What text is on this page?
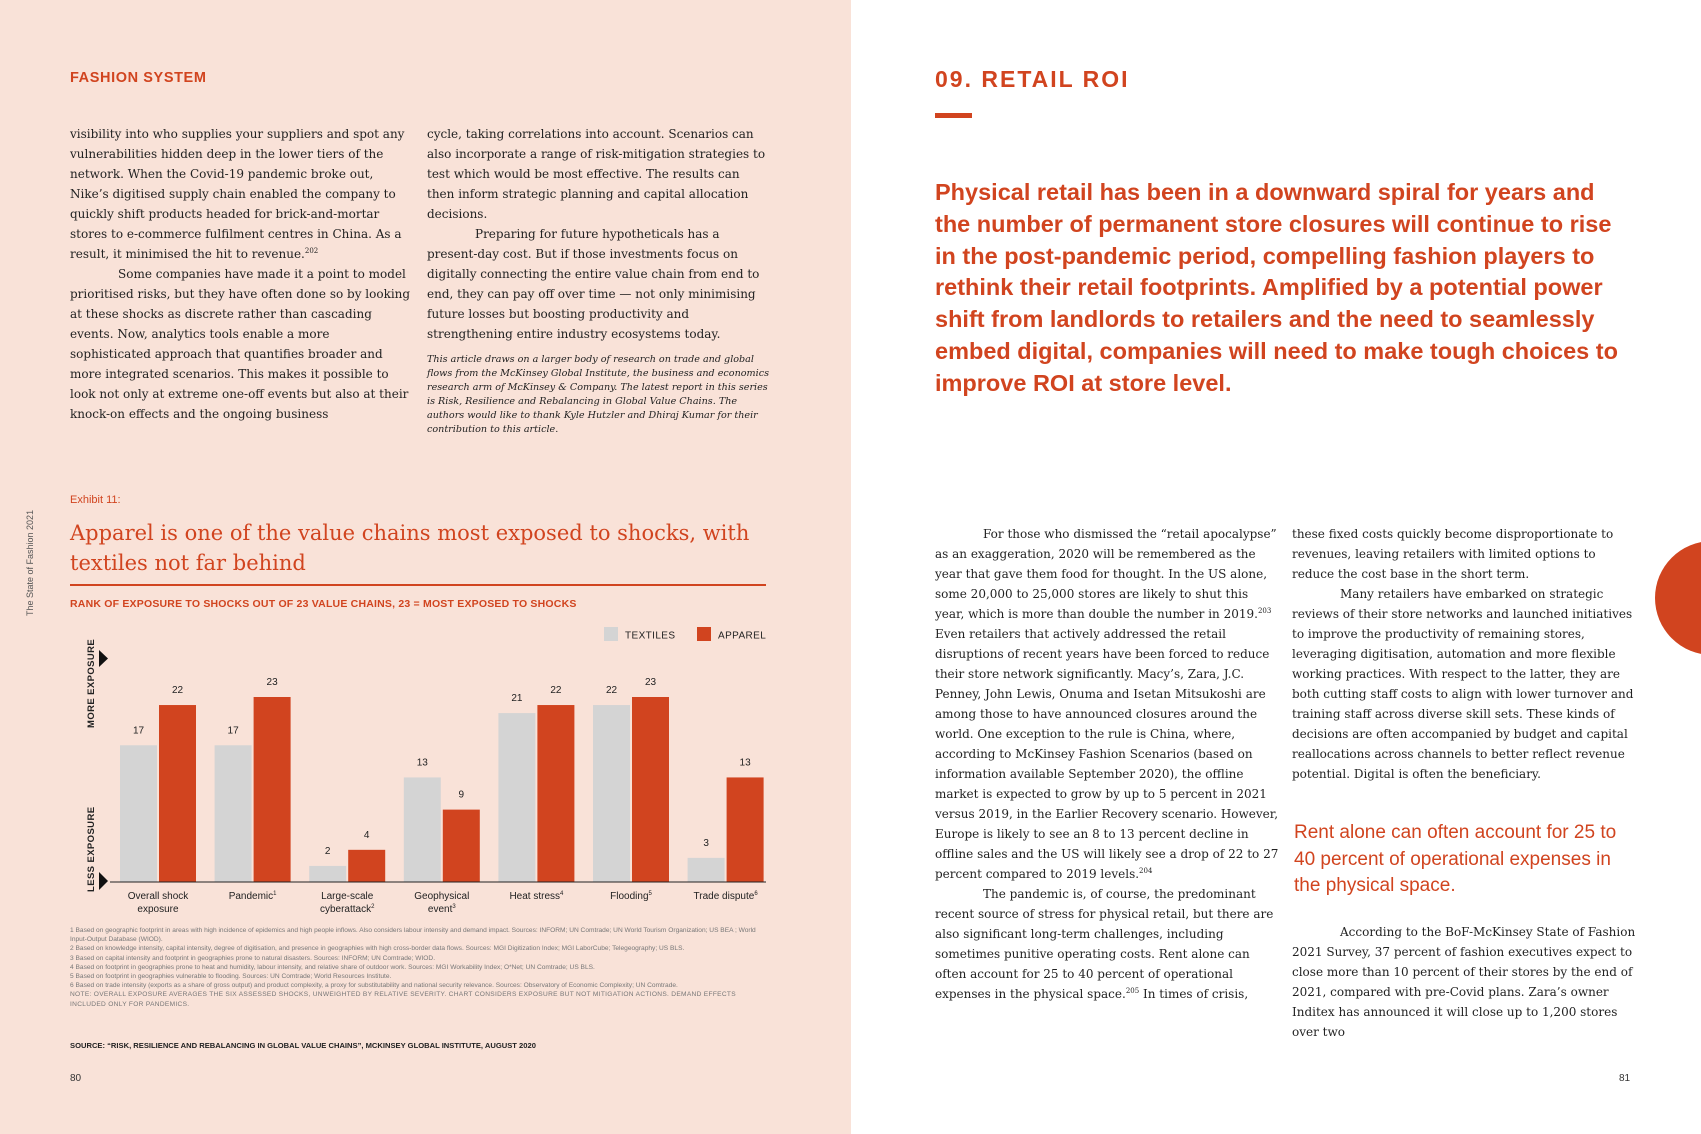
FASHION SYSTEM
The State of Fashion 2021

visibility into who supplies your suppliers and spot any vulnerabilities hidden deep in the lower tiers of the network. When the Covid-19 pandemic broke out, Nike’s digitised supply chain enabled the company to quickly shift products headed for brick-and-mortar stores to e-commerce fulfilment centres in China. As a result, it minimised the hit to revenue.$^{202}$

Some companies have made it a point to model prioritised risks, but they have often done so by looking at these shocks as discrete rather than cascading events. Now, analytics tools enable a more sophisticated approach that quantifies broader and more integrated scenarios. This makes it possible to look not only at extreme one-off events but also at their knock-on effects and the ongoing business

cycle, taking correlations into account. Scenarios can also incorporate a range of risk-mitigation strategies to test which would be most effective. The results can then inform strategic planning and capital allocation decisions.

Preparing for future hypotheticals has a present-day cost. But if those investments focus on digitally connecting the entire value chain from end to end, they can pay off over time — not only minimising future losses but boosting productivity and strengthening entire industry ecosystems today.

This article draws on a larger body of research on trade and global flows from the McKinsey Global Institute, the business and economics research arm of McKinsey & Company. The latest report in this series is Risk, Resilience and Rebalancing in Global Value Chains. The authors would like to thank Kyle Hutzler and Dhiraj Kumar for their contribution to this article.

Exhibit 11:
Apparel is one of the value chains most exposed to shocks, with textiles not far behind
RANK OF EXPOSURE TO SHOCKS OUT OF 23 VALUE CHAINS, 23 = MOST EXPOSED TO SHOCKS
TEXTILES	APPAREL
MORE EXPOSURE
LESS EXPOSURE
17
22
Overall shock
exposure
17
23
Pandemic$^1$
2
4
Large-scale
cyberattack$^2$
13
9
Geophysical
event$^3$
21
22
Heat stress$^4$
22
23
Flooding$^5$
3
13
Trade dispute$^6$
1 Based on geographic footprint in areas with high incidence of epidemics and high people inflows. Also considers labour intensity and demand impact. Sources: INFORM; UN Comtrade; UN World Tourism Organization; US BEA ; World Input-Output Database (WIOD).
2 Based on knowledge intensity, capital intensity, degree of digitisation, and presence in geographies with high cross-border data flows. Sources: MGI Digitization Index; MGI LaborCube; Telegeography; US BLS.
3 Based on capital intensity and footprint in geographies prone to natural disasters. Sources: INFORM; UN Comtrade; WIOD.
4 Based on footprint in geographies prone to heat and humidity, labour intensity, and relative share of outdoor work. Sources: MGI Workability Index; O*Net; UN Comtrade; US BLS.
5 Based on footprint in geographies vulnerable to flooding. Sources: UN Comtrade; World Resources Institute.
6 Based on trade intensity (exports as a share of gross output) and product complexity, a proxy for substitutability and national security relevance. Sources: Observatory of Economic Complexity; UN Comtrade.
NOTE: OVERALL EXPOSURE AVERAGES THE SIX ASSESSED SHOCKS, UNWEIGHTED BY RELATIVE SEVERITY. CHART CONSIDERS EXPOSURE BUT NOT MITIGATION ACTIONS. DEMAND EFFECTS INCLUDED ONLY FOR PANDEMICS.
SOURCE: “RISK, RESILIENCE AND REBALANCING IN GLOBAL VALUE CHAINS”, MCKINSEY GLOBAL INSTITUTE, AUGUST 2020
80
09. RETAIL ROI
Physical retail has been in a downward spiral for years and the number of permanent store closures will continue to rise in the post-pandemic period, compelling fashion players to rethink their retail footprints. Amplified by a potential power shift from landlords to retailers and the need to seamlessly embed digital, companies will need to make tough choices to improve ROI at store level.

For those who dismissed the “retail apocalypse” as an exaggeration, 2020 will be remembered as the year that gave them food for thought. In the US alone, some 20,000 to 25,000 stores are likely to shut this year, which is more than double the number in 2019.$^{203}$ Even retailers that actively addressed the retail disruptions of recent years have been forced to reduce their store network significantly. Macy’s, Zara, J.C. Penney, John Lewis, Onuma and Isetan Mitsukoshi are among those to have announced closures around the world. One exception to the rule is China, where, according to McKinsey Fashion Scenarios (based on information available September 2020), the offline market is expected to grow by up to 5 percent in 2021 versus 2019, in the Earlier Recovery scenario. However, Europe is likely to see an 8 to 13 percent decline in offline sales and the US will likely see a drop of 22 to 27 percent compared to 2019 levels.$^{204}$

The pandemic is, of course, the predominant recent source of stress for physical retail, but there are also significant long-term challenges, including sometimes punitive operating costs. Rent alone can often account for 25 to 40 percent of operational expenses in the physical space.$^{205}$ In times of crisis,

these fixed costs quickly become disproportionate to revenues, leaving retailers with limited options to reduce the cost base in the short term.

Many retailers have embarked on strategic reviews of their store networks and launched initiatives to improve the productivity of remaining stores, leveraging digitisation, automation and more flexible working practices. With respect to the latter, they are both cutting staff costs to align with lower turnover and training staff across diverse skill sets. These kinds of decisions are often accompanied by budget and capital reallocations across channels to better reflect revenue potential. Digital is often the beneficiary.

Rent alone can often account for 25 to 40 percent of operational expenses in the physical space.

According to the BoF-McKinsey State of Fashion 2021 Survey, 37 percent of fashion executives expect to close more than 10 percent of their stores by the end of 2021, compared with pre-Covid plans. Zara’s owner Inditex has announced it will close up to 1,200 stores over two

81
